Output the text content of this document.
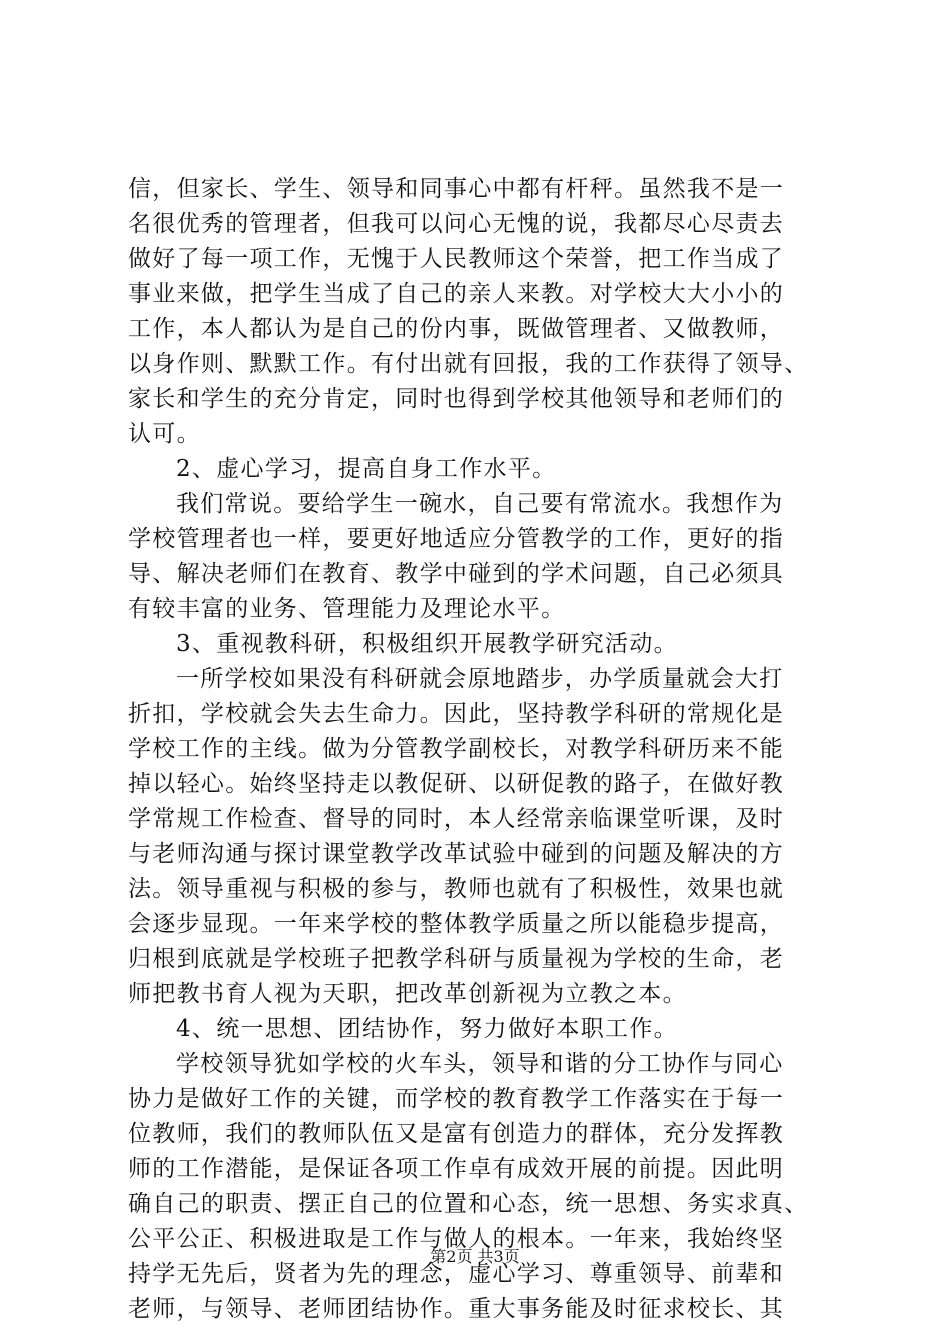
信，但家长、学生、领导和同事心中都有杆秤。虽然我不是一
名很优秀的管理者，但我可以问心无愧的说，我都尽心尽责去
做好了每一项工作，无愧于人民教师这个荣誉，把工作当成了
事业来做，把学生当成了自己的亲人来教。对学校大大小小的
工作，本人都认为是自己的份内事，既做管理者、又做教师，
以身作则、默默工作。有付出就有回报，我的工作获得了领导、
家长和学生的充分肯定，同时也得到学校其他领导和老师们的
认可。
2、虚心学习，提高自身工作水平。
我们常说。要给学生一碗水，自己要有常流水。我想作为
学校管理者也一样，要更好地适应分管教学的工作，更好的指
导、解决老师们在教育、教学中碰到的学术问题，自己必须具
有较丰富的业务、管理能力及理论水平。
3、重视教科研，积极组织开展教学研究活动。
一所学校如果没有科研就会原地踏步，办学质量就会大打
折扣，学校就会失去生命力。因此，坚持教学科研的常规化是
学校工作的主线。做为分管教学副校长，对教学科研历来不能
掉以轻心。始终坚持走以教促研、以研促教的路子，在做好教
学常规工作检查、督导的同时，本人经常亲临课堂听课，及时
与老师沟通与探讨课堂教学改革试验中碰到的问题及解决的方
法。领导重视与积极的参与，教师也就有了积极性，效果也就
会逐步显现。一年来学校的整体教学质量之所以能稳步提高，
归根到底就是学校班子把教学科研与质量视为学校的生命，老
师把教书育人视为天职，把改革创新视为立教之本。
4、统一思想、团结协作，努力做好本职工作。
学校领导犹如学校的火车头，领导和谐的分工协作与同心
协力是做好工作的关键，而学校的教育教学工作落实在于每一
位教师，我们的教师队伍又是富有创造力的群体，充分发挥教
师的工作潜能，是保证各项工作卓有成效开展的前提。因此明
确自己的职责、摆正自己的位置和心态，统一思想、务实求真、
公平公正、积极进取是工作与做人的根本。一年来，我始终坚
持学无先后，贤者为先的理念，虚心学习、尊重领导、前辈和
老师，与领导、老师团结协作。重大事务能及时征求校长、其
第2页 共3页
